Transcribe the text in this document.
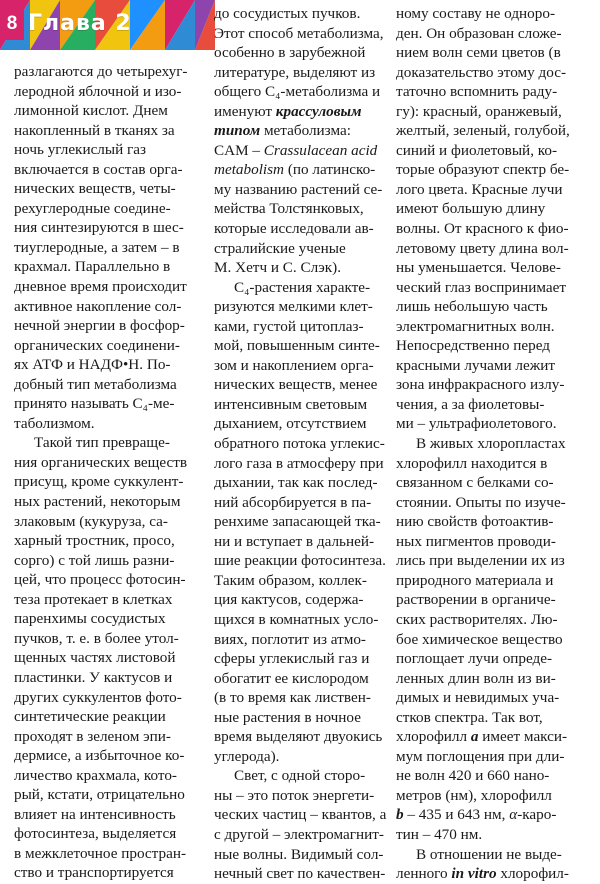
8 Глава 2
разлагаются до четырехуг-
леродной яблочной и изо-
лимонной кислот. Днем
накопленный в тканях за
ночь углекислый газ
включается в состав орга-
нических веществ, четы-
рехуглеродные соедине-
ния синтезируются в шес-
тиуглеродные, а затем – в
крахмал. Параллельно в
дневное время происходит
активное накопление сол-
нечной энергии в фосфор-
органических соединени-
ях АТФ и НАДФ•Н. По-
добный тип метаболизма
принято называть C₄-ме-
таболизмом.
Такой тип превраще-
ния органических веществ
присущ, кроме суккулент-
ных растений, некоторым
злаковым (кукуруза, са-
харный тростник, просо,
сорго) с той лишь разни-
цей, что процесс фотосин-
теза протекает в клетках
паренхимы сосудистых
пучков, т. е. в более утол-
щенных частях листовой
пластинки. У кактусов и
других суккулентов фото-
синтетические реакции
проходят в зеленом эпи-
дермисе, а избыточное ко-
личество крахмала, кото-
рый, кстати, отрицательно
влияет на интенсивность
фотосинтеза, выделяется
в межклеточное простран-
ство и транспортируется
до сосудистых пучков.
Этот способ метаболизма,
особенно в зарубежной
литературе, выделяют из
общего C₄-метаболизма и
именуют крассуловым
типом метаболизма:
CAM – Crassulacean acid
metabolism (по латинско-
му названию растений се-
мейства Толстянковых,
которые исследовали ав-
стралийские ученые
М. Хетч и С. Слэк).
C₄-растения характе-
ризуются мелкими клет-
ками, густой цитоплаз-
мой, повышенным синте-
зом и накоплением орга-
нических веществ, менее
интенсивным световым
дыханием, отсутствием
обратного потока углекис-
лого газа в атмосферу при
дыхании, так как послед-
ний абсорбируется в па-
ренхиме запасающей тка-
ни и вступает в дальней-
шие реакции фотосинтеза.
Таким образом, коллек-
ция кактусов, содержа-
щихся в комнатных усло-
виях, поглотит из атмо-
сферы углекислый газ и
обогатит ее кислородом
(в то время как листвен-
ные растения в ночное
время выделяют двуокись
углерода).
Свет, с одной сторо-
ны – это поток энергети-
ческих частиц – квантов, а
с другой – электромагнит-
ные волны. Видимый сол-
нечный свет по качествен-
ному составу не одноро-
ден. Он образован сложе-
нием волн семи цветов (в
доказательство этому дос-
таточно вспомнить раду-
гу): красный, оранжевый,
желтый, зеленый, голубой,
синий и фиолетовый, ко-
торые образуют спектр бе-
лого цвета. Красные лучи
имеют большую длину
волны. От красного к фио-
летовому цвету длина вол-
ны уменьшается. Челове-
ческий глаз воспринимает
лишь небольшую часть
электромагнитных волн.
Непосредственно перед
красными лучами лежит
зона инфракрасного излу-
чения, а за фиолетовы-
ми – ультрафиолетового.
В живых хлоропластах
хлорофилл находится в
связанном с белками со-
стоянии. Опыты по изуче-
нию свойств фотоактив-
ных пигментов проводи-
лись при выделении их из
природного материала и
растворении в органиче-
ских растворителях. Лю-
бое химическое вещество
поглощает лучи опреде-
ленных длин волн из ви-
димых и невидимых уча-
стков спектра. Так вот,
хлорофилл a имеет макси-
мум поглощения при дли-
не волн 420 и 660 нано-
метров (нм), хлорофилл
b – 435 и 643 нм, α-каро-
тин – 470 нм.
В отношении не выде-
ленного in vitro хлорофил-
